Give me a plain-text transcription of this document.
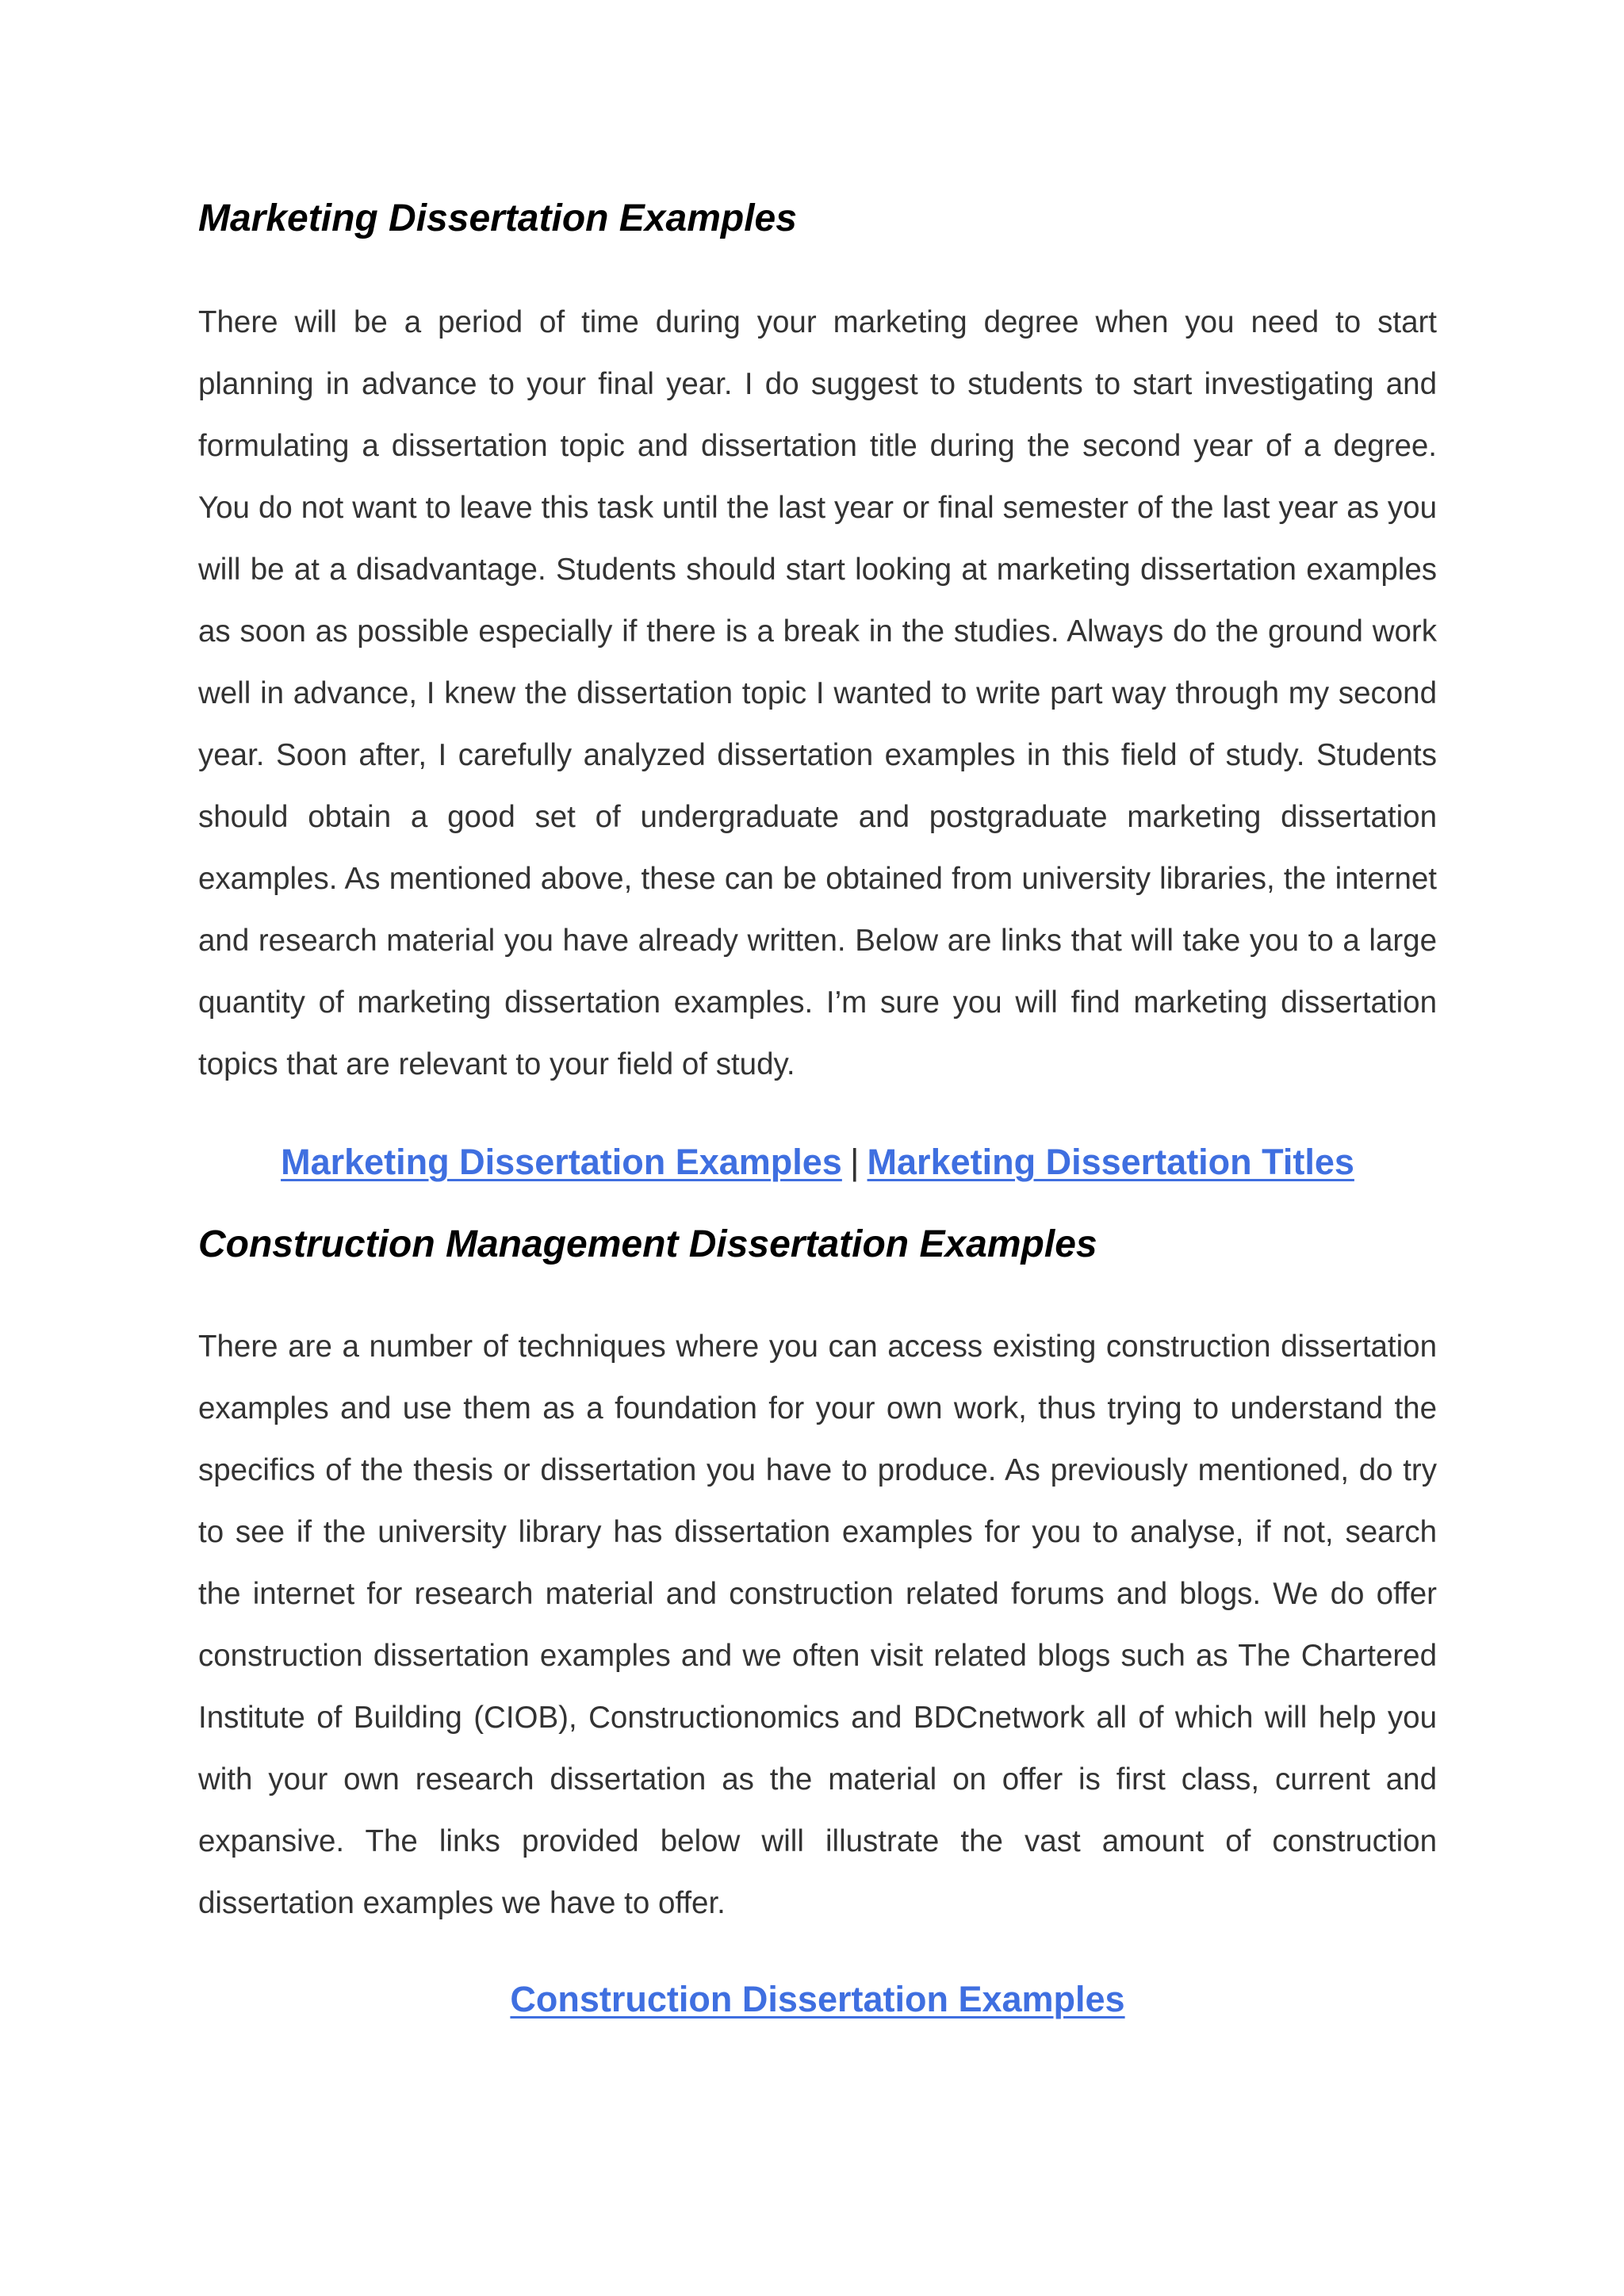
Marketing Dissertation Examples

There will be a period of time during your marketing degree when you need to start planning in advance to your final year. I do suggest to students to start investigating and formulating a dissertation topic and dissertation title during the second year of a degree. You do not want to leave this task until the last year or final semester of the last year as you will be at a disadvantage. Students should start looking at marketing dissertation examples as soon as possible especially if there is a break in the studies. Always do the ground work well in advance, I knew the dissertation topic I wanted to write part way through my second year. Soon after, I carefully analyzed dissertation examples in this field of study. Students should obtain a good set of undergraduate and postgraduate marketing dissertation examples. As mentioned above, these can be obtained from university libraries, the internet and research material you have already written. Below are links that will take you to a large quantity of marketing dissertation examples. I’m sure you will find marketing dissertation topics that are relevant to your field of study.

Marketing Dissertation Examples | Marketing Dissertation Titles
Construction Management Dissertation Examples

There are a number of techniques where you can access existing construction dissertation examples and use them as a foundation for your own work, thus trying to understand the specifics of the thesis or dissertation you have to produce. As previously mentioned, do try to see if the university library has dissertation examples for you to analyse, if not, search the internet for research material and construction related forums and blogs. We do offer construction dissertation examples and we often visit related blogs such as The Chartered Institute of Building (CIOB), Constructionomics and BDCnetwork all of which will help you with your own research dissertation as the material on offer is first class, current and expansive. The links provided below will illustrate the vast amount of construction dissertation examples we have to offer.

Construction Dissertation Examples
